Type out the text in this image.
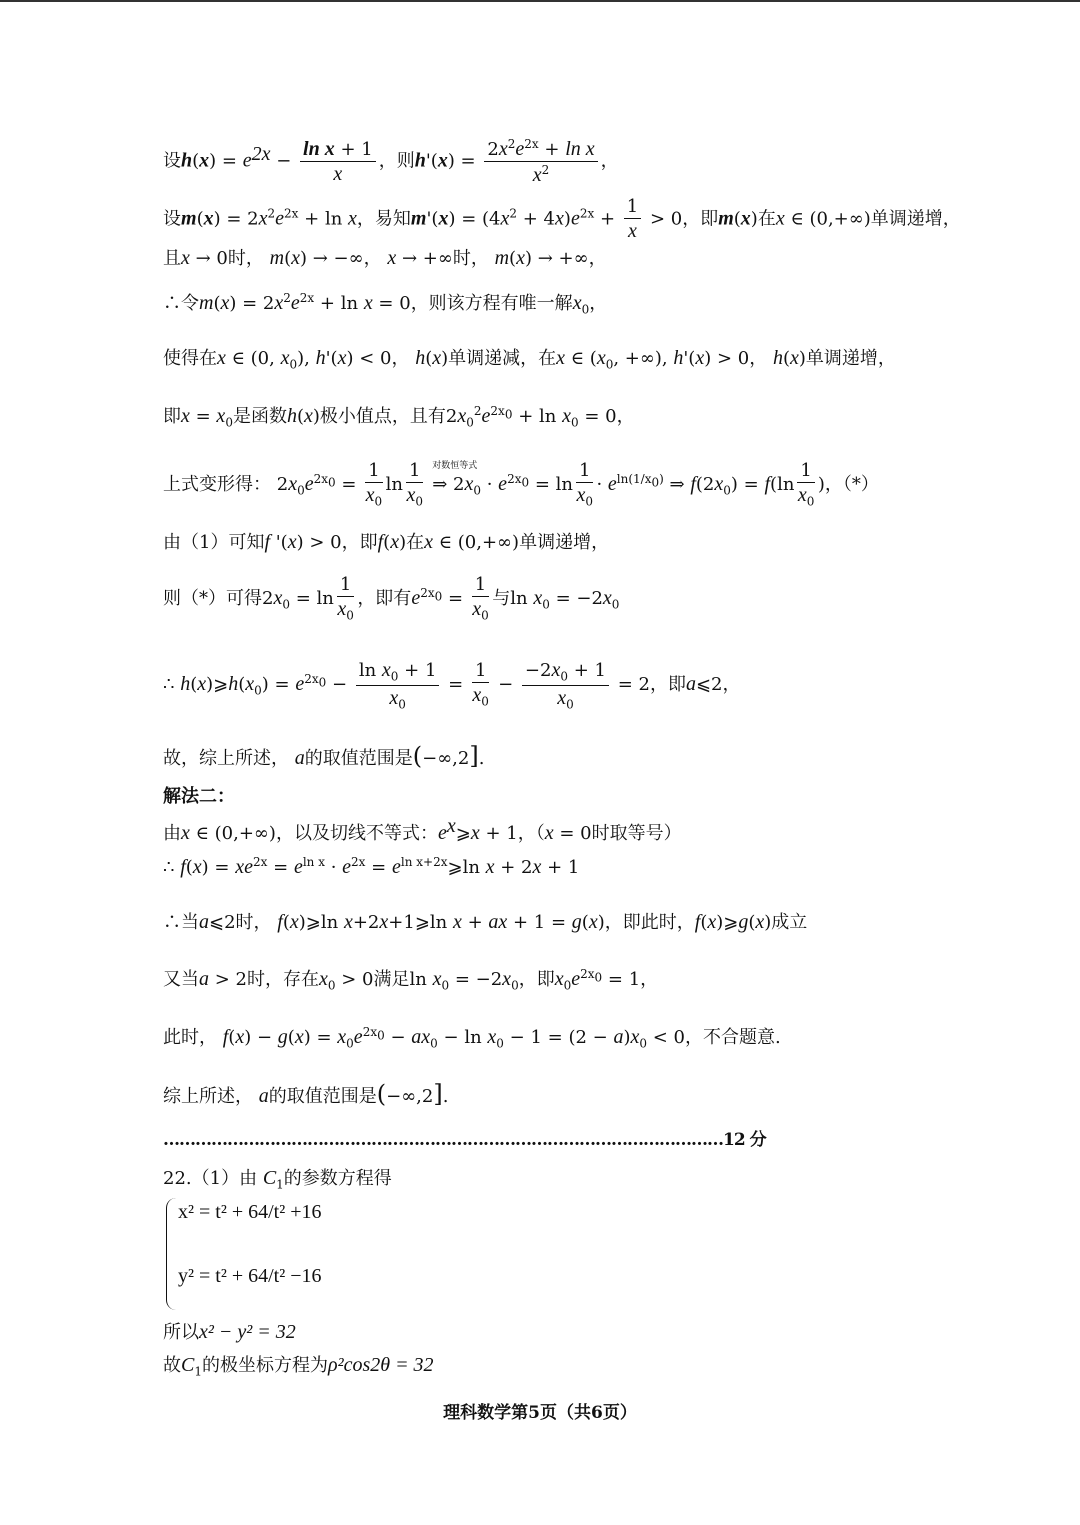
设$h(x) = e^{2x} - \frac{\text{ln x + 1}}{x}$ ，则$h'(x) = \frac{2x^2e^{2x} + \ln x}{x^2}$ ，
设$m(x) = 2x^2e^{2x} + \ln x$，易知$m'(x) = (4x^2 + 4x)e^{2x} + \frac{1}{x} > 0$，即m(x)在x ∈ (0,+∞)单调递增，
且x → 0时， m(x) → −∞， x → +∞时， m(x) → +∞，
∴令$m(x) = 2x^2e^{2x} + \ln x = 0$，则该方程有唯一解$x_0$，
使得在x ∈ (0, $x_0$), h'(x) < 0， h(x)单调递减，在x ∈ ($x_0$, +∞), h'(x) > 0， h(x)单调递增，
即$x = x_0$是函数h(x)极小值点，且有$2x_0^2e^{2x_0} + \ln x_0 = 0$，
上式变形得： $2x_0e^{2x_0} = \frac{1}{x_0}$ $\ln \frac{1}{x_0}$
对数恒等式
⇒ $2x_0 \cdot e^{2x_0} = \ln \frac{1}{x_0} \cdot e^{ln(1/x_0)}$ ⇒ $f(2x_0) = f(\ln \frac{1}{x_0}$ )，（*）
由（1）可知f '(x) > 0，即f(x)在x ∈ (0,+∞)单调递增，
则（*）可得$2x_0 = \ln \frac{1}{x_0}$ ，即有$e^{2x_0} = \frac{1}{x_0}$ 与$\ln x_0 = -2x_0$
∴ $h(x)⩾h(x_0) = e^{2x_0} - \frac{\ln x_0 + 1}{x_0} = \frac{1}{x_0} - \frac{-2x_0 + 1}{x_0} = 2$，即a⩽2，
故，综上所述， a的取值范围是(−∞,2].
解法二：
由x ∈ (0,+∞)，以及切线不等式：$e^x⩾x + 1$，（x = 0时取等号）
∴ $f(x) = xe^{2x} = e^{ln x} \cdot e^{2x}$ = $e^{ln x+2x}⩾\ln$ x + 2x + 1
∴当a⩽2时， f(x)⩾ln x+2x+1⩾ln x + ax + 1 = g(x)，即此时，f(x)⩾g(x)成立
又当a > 2时，存在$x_0 > 0$满足$\ln x_0 = -2x_0$，即$x_0e^{2x_0} = 1$，
此时， $f(x) - g(x) = x_0e^{2x_0} - ax_0 - \ln x_0 - 1 = (2 - a)x_0 < 0$，不合题意.
综上所述， a的取值范围是(−∞,2].
……………………………………………………………………………………………12 分
22.（1）由 $C_1$的参数方程得
x² = t² + 64/t² +16
y² = t² + 64/t² −16
所以x² − y² = 32
故$C_1$的极坐标方程为ρ²cos2θ = 32
理科数学第5页（共6页）
